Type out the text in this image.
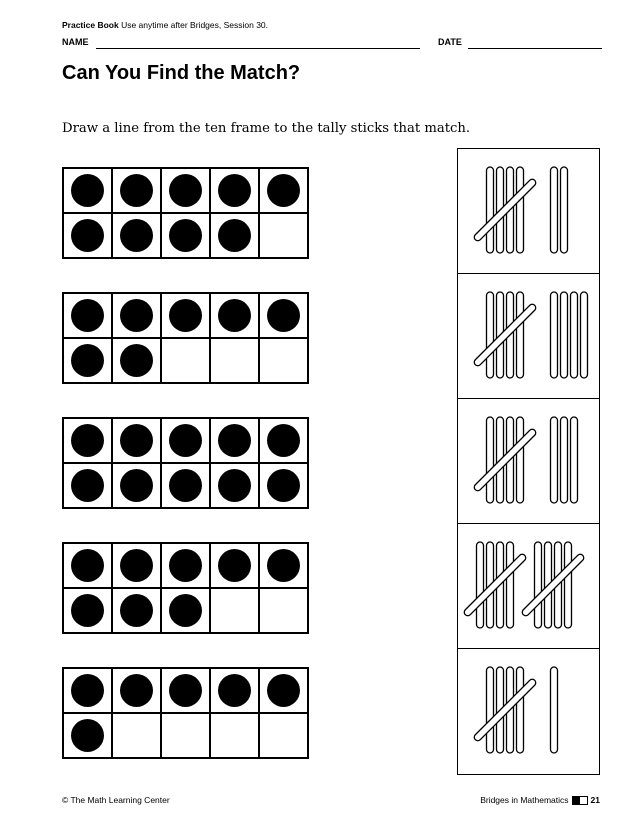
Practice Book Use anytime after Bridges, Session 30.
NAME	DATE
Can You Find the Match?

Draw a line from the ten frame to the tally sticks that match.

© The Math Learning Center	Bridges in Mathematics	21
